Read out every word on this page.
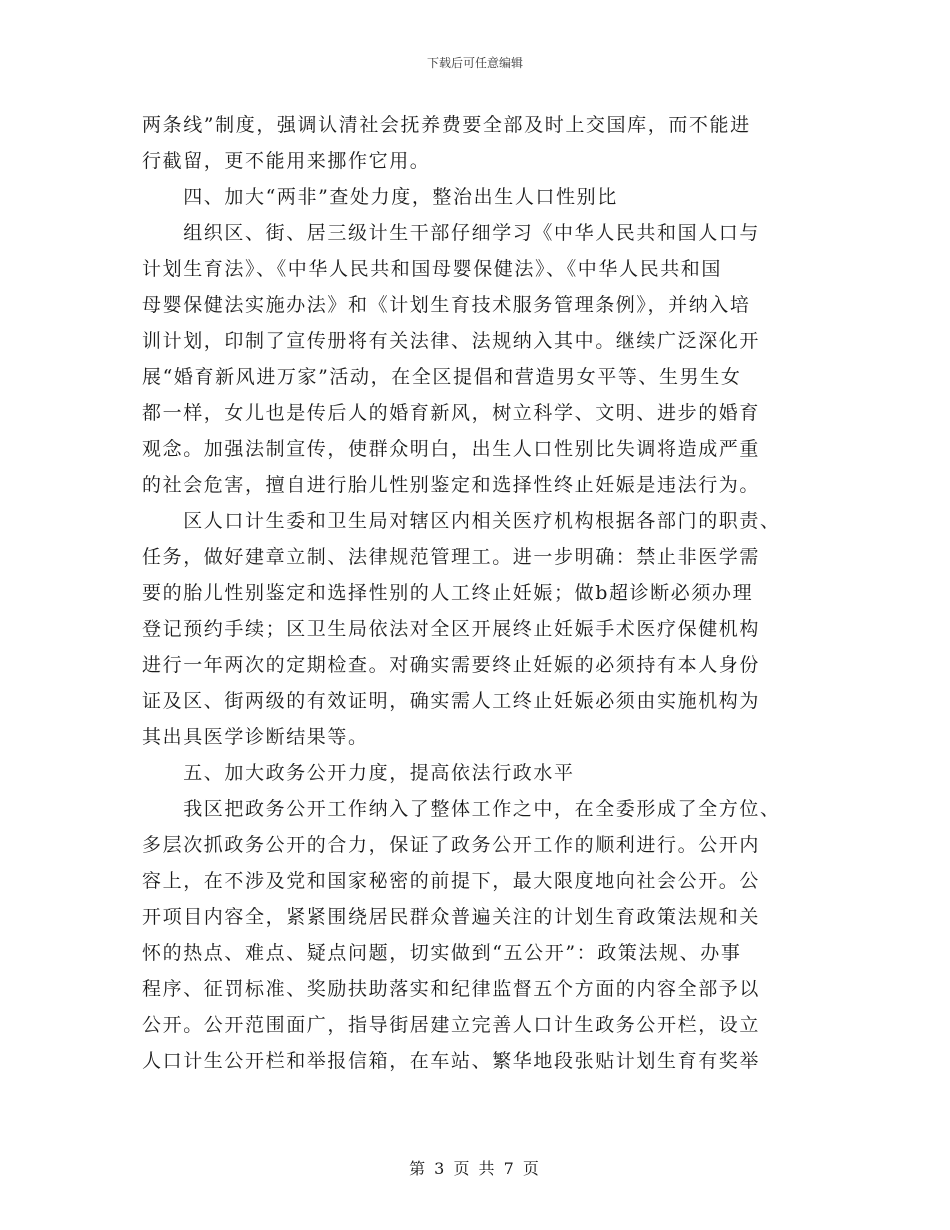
下载后可任意编辑
两条线”制度，强调认清社会抚养费要全部及时上交国库，而不能进
行截留，更不能用来挪作它用。
　　四、加大“两非”查处力度，整治出生人口性别比
　　组织区、街、居三级计生干部仔细学习《中华人民共和国人口与
计划生育法》、《中华人民共和国母婴保健法》、《中华人民共和国
母婴保健法实施办法》和《计划生育技术服务管理条例》，并纳入培
训计划，印制了宣传册将有关法律、法规纳入其中。继续广泛深化开
展“婚育新风进万家”活动，在全区提倡和营造男女平等、生男生女
都一样，女儿也是传后人的婚育新风，树立科学、文明、进步的婚育
观念。加强法制宣传，使群众明白，出生人口性别比失调将造成严重
的社会危害，擅自进行胎儿性别鉴定和选择性终止妊娠是违法行为。
　　区人口计生委和卫生局对辖区内相关医疗机构根据各部门的职责、
任务，做好建章立制、法律规范管理工。进一步明确：禁止非医学需
要的胎儿性别鉴定和选择性别的人工终止妊娠；做b超诊断必须办理
登记预约手续；区卫生局依法对全区开展终止妊娠手术医疗保健机构
进行一年两次的定期检查。对确实需要终止妊娠的必须持有本人身份
证及区、街两级的有效证明，确实需人工终止妊娠必须由实施机构为
其出具医学诊断结果等。
　　五、加大政务公开力度，提高依法行政水平
　　我区把政务公开工作纳入了整体工作之中，在全委形成了全方位、
多层次抓政务公开的合力，保证了政务公开工作的顺利进行。公开内
容上，在不涉及党和国家秘密的前提下，最大限度地向社会公开。公
开项目内容全，紧紧围绕居民群众普遍关注的计划生育政策法规和关
怀的热点、难点、疑点问题，切实做到“五公开”：政策法规、办事
程序、征罚标准、奖励扶助落实和纪律监督五个方面的内容全部予以
公开。公开范围面广，指导街居建立完善人口计生政务公开栏，设立
人口计生公开栏和举报信箱，在车站、繁华地段张贴计划生育有奖举
第 3 页 共 7 页
